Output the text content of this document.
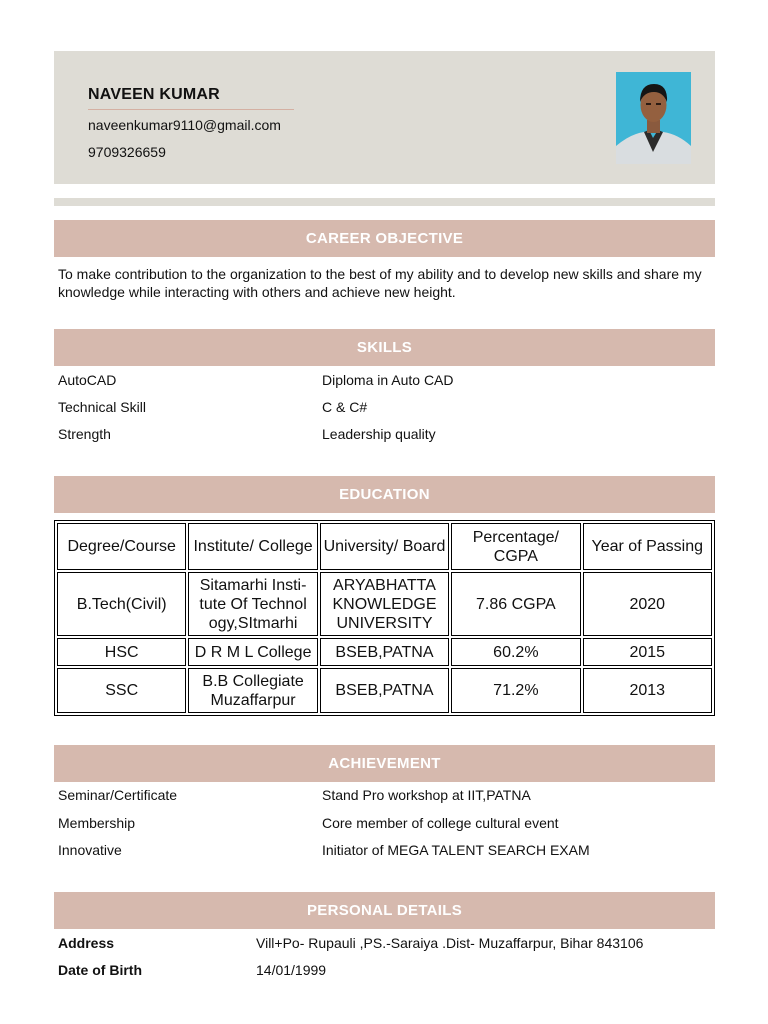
NAVEEN KUMAR
naveenkumar9110@gmail.com
9709326659
CAREER OBJECTIVE
To make contribution to the organization to the best of my ability and to develop new skills and share my knowledge while interacting with others and achieve new height.
SKILLS
AutoCAD	Diploma in Auto CAD
Technical Skill	C & C#
Strength	Leadership quality
EDUCATION
Degree/Course	Institute/ College	University/ Board	Percentage/ CGPA	Year of Passing
B.Tech(Civil)	Sitamarhi Insti-tute Of Technol ogy,SItmarhi	ARYABHATTA KNOWLEDGE UNIVERSITY	7.86 CGPA	2020
HSC	D R M L College	BSEB,PATNA	60.2%	2015
SSC	B.B Collegiate Muzaffarpur	BSEB,PATNA	71.2%	2013
ACHIEVEMENT
Seminar/Certificate	Stand Pro workshop at IIT,PATNA
Membership	Core member of college cultural event
Innovative	Initiator of MEGA TALENT SEARCH EXAM
PERSONAL DETAILS
Address	Vill+Po- Rupauli ,PS.-Saraiya .Dist- Muzaffarpur, Bihar 843106
Date of Birth	14/01/1999
